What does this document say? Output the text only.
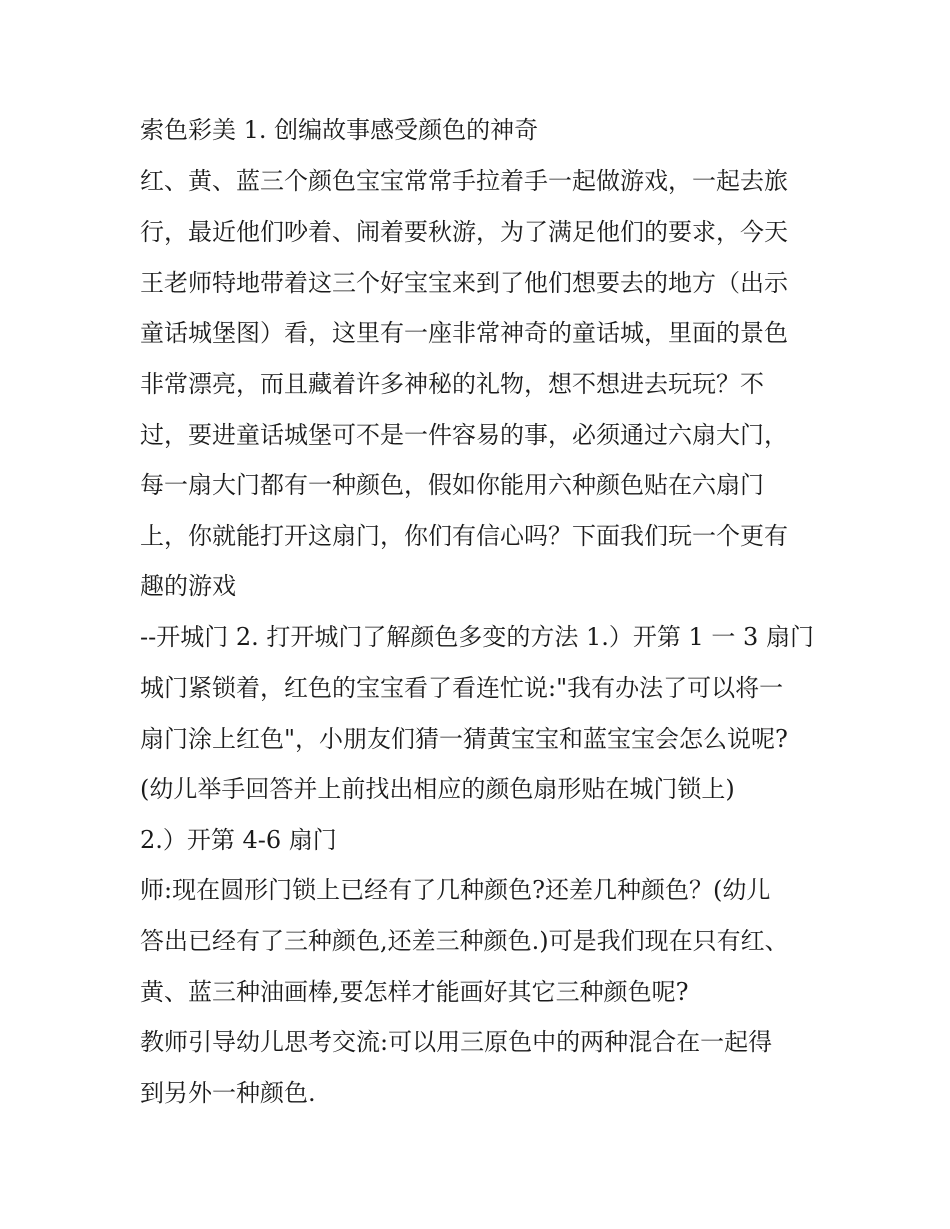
索色彩美 1. 创编故事感受颜色的神奇

红、黄、蓝三个颜色宝宝常常手拉着手一起做游戏，一起去旅

行，最近他们吵着、闹着要秋游，为了满足他们的要求，今天

王老师特地带着这三个好宝宝来到了他们想要去的地方（出示

童话城堡图）看，这里有一座非常神奇的童话城，里面的景色

非常漂亮，而且藏着许多神秘的礼物，想不想进去玩玩？不

过，要进童话城堡可不是一件容易的事，必须通过六扇大门，

每一扇大门都有一种颜色，假如你能用六种颜色贴在六扇门

上，你就能打开这扇门，你们有信心吗？下面我们玩一个更有

趣的游戏

--开城门 2. 打开城门了解颜色多变的方法 1.）开第 1 一 3 扇门

城门紧锁着，红色的宝宝看了看连忙说:"我有办法了可以将一

扇门涂上红色"，小朋友们猜一猜黄宝宝和蓝宝宝会怎么说呢?

(幼儿举手回答并上前找出相应的颜色扇形贴在城门锁上)

2.）开第 4-6 扇门

师:现在圆形门锁上已经有了几种颜色?还差几种颜色？(幼儿

答出已经有了三种颜色,还差三种颜色.)可是我们现在只有红、

黄、蓝三种油画棒,要怎样才能画好其它三种颜色呢?

教师引导幼儿思考交流:可以用三原色中的两种混合在一起得

到另外一种颜色.
